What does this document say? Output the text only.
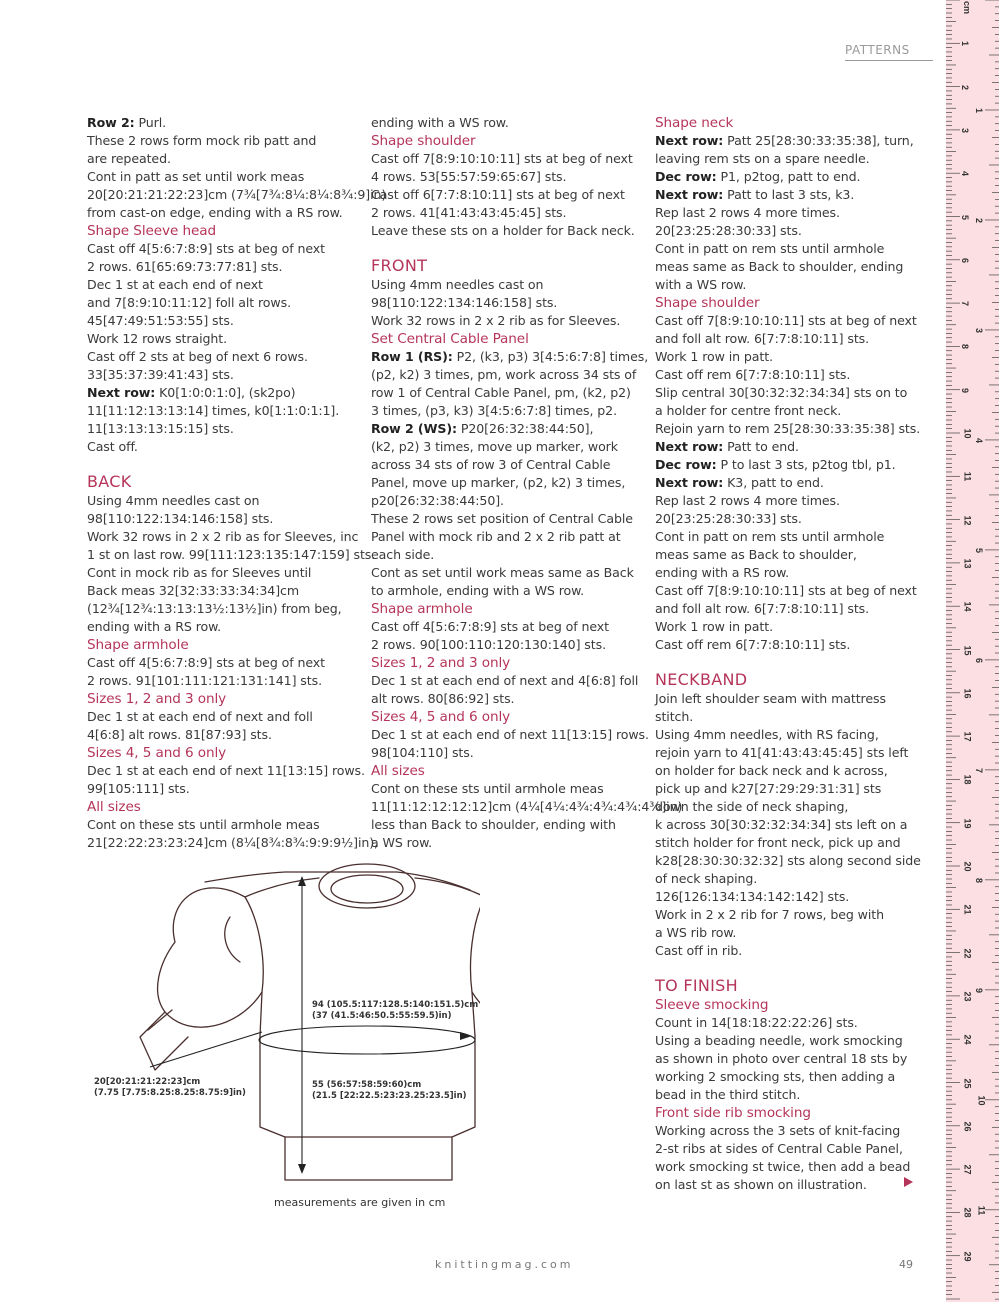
PATTERNS

Row 2: Purl.

These 2 rows form mock rib patt and

are repeated.

Cont in patt as set until work meas

20[20:21:21:22:23]cm (7¾[7¾:8¼:8¼:8¾:9]in)

from cast-on edge, ending with a RS row.

Shape Sleeve head

Cast off 4[5:6:7:8:9] sts at beg of next

2 rows. 61[65:69:73:77:81] sts.

Dec 1 st at each end of next

and 7[8:9:10:11:12] foll alt rows.

45[47:49:51:53:55] sts.

Work 12 rows straight.

Cast off 2 sts at beg of next 6 rows.

33[35:37:39:41:43] sts.

Next row: K0[1:0:0:1:0], (sk2po)

11[11:12:13:13:14] times, k0[1:1:0:1:1].

11[13:13:13:15:15] sts.

Cast off.

BACK

Using 4mm needles cast on

98[110:122:134:146:158] sts.

Work 32 rows in 2 x 2 rib as for Sleeves, inc

1 st on last row. 99[111:123:135:147:159] sts.

Cont in mock rib as for Sleeves until

Back meas 32[32:33:33:34:34]cm

(12¾[12¾:13:13:13½:13½]in) from beg,

ending with a RS row.

Shape armhole

Cast off 4[5:6:7:8:9] sts at beg of next

2 rows. 91[101:111:121:131:141] sts.

Sizes 1, 2 and 3 only

Dec 1 st at each end of next and foll

4[6:8] alt rows. 81[87:93] sts.

Sizes 4, 5 and 6 only

Dec 1 st at each end of next 11[13:15] rows.

99[105:111] sts.

All sizes

Cont on these sts until armhole meas

21[22:22:23:23:24]cm (8¼[8¾:8¾:9:9:9½]in),

ending with a WS row.

Shape shoulder

Cast off 7[8:9:10:10:11] sts at beg of next

4 rows. 53[55:57:59:65:67] sts.

Cast off 6[7:7:8:10:11] sts at beg of next

2 rows. 41[41:43:43:45:45] sts.

Leave these sts on a holder for Back neck.

FRONT

Using 4mm needles cast on

98[110:122:134:146:158] sts.

Work 32 rows in 2 x 2 rib as for Sleeves.

Set Central Cable Panel

Row 1 (RS): P2, (k3, p3) 3[4:5:6:7:8] times,

(p2, k2) 3 times, pm, work across 34 sts of

row 1 of Central Cable Panel, pm, (k2, p2)

3 times, (p3, k3) 3[4:5:6:7:8] times, p2.

Row 2 (WS): P20[26:32:38:44:50],

(k2, p2) 3 times, move up marker, work

across 34 sts of row 3 of Central Cable

Panel, move up marker, (p2, k2) 3 times,

p20[26:32:38:44:50].

These 2 rows set position of Central Cable

Panel with mock rib and 2 x 2 rib patt at

each side.

Cont as set until work meas same as Back

to armhole, ending with a WS row.

Shape armhole

Cast off 4[5:6:7:8:9] sts at beg of next

2 rows. 90[100:110:120:130:140] sts.

Sizes 1, 2 and 3 only

Dec 1 st at each end of next and 4[6:8] foll

alt rows. 80[86:92] sts.

Sizes 4, 5 and 6 only

Dec 1 st at each end of next 11[13:15] rows.

98[104:110] sts.

All sizes

Cont on these sts until armhole meas

11[11:12:12:12:12]cm (4¼[4¼:4¾:4¾:4¾:4¾]in)

less than Back to shoulder, ending with

a WS row.

Shape neck

Next row: Patt 25[28:30:33:35:38], turn,

leaving rem sts on a spare needle.

Dec row: P1, p2tog, patt to end.

Next row: Patt to last 3 sts, k3.

Rep last 2 rows 4 more times.

20[23:25:28:30:33] sts.

Cont in patt on rem sts until armhole

meas same as Back to shoulder, ending

with a WS row.

Shape shoulder

Cast off 7[8:9:10:10:11] sts at beg of next

and foll alt row. 6[7:7:8:10:11] sts.

Work 1 row in patt.

Cast off rem 6[7:7:8:10:11] sts.

Slip central 30[30:32:32:34:34] sts on to

a holder for centre front neck.

Rejoin yarn to rem 25[28:30:33:35:38] sts.

Next row: Patt to end.

Dec row: P to last 3 sts, p2tog tbl, p1.

Next row: K3, patt to end.

Rep last 2 rows 4 more times.

20[23:25:28:30:33] sts.

Cont in patt on rem sts until armhole

meas same as Back to shoulder,

ending with a RS row.

Cast off 7[8:9:10:10:11] sts at beg of next

and foll alt row. 6[7:7:8:10:11] sts.

Work 1 row in patt.

Cast off rem 6[7:7:8:10:11] sts.

NECKBAND

Join left shoulder seam with mattress

stitch.

Using 4mm needles, with RS facing,

rejoin yarn to 41[41:43:43:45:45] sts left

on holder for back neck and k across,

pick up and k27[27:29:29:31:31] sts

down the side of neck shaping,

k across 30[30:32:32:34:34] sts left on a

stitch holder for front neck, pick up and

k28[28:30:30:32:32] sts along second side

of neck shaping.

126[126:134:134:142:142] sts.

Work in 2 x 2 rib for 7 rows, beg with

a WS rib row.

Cast off in rib.

TO FINISH

Sleeve smocking

Count in 14[18:18:22:22:26] sts.

Using a beading needle, work smocking

as shown in photo over central 18 sts by

working 2 smocking sts, then adding a

bead in the third stitch.

Front side rib smocking

Working across the 3 sets of knit-facing

2-st ribs at sides of Central Cable Panel,

work smocking st twice, then add a bead

on last st as shown on illustration.

94 (105.5:117:128.5:140:151.5)cm
(37 (41.5:46:50.5:55:59.5)in)
55 (56:57:58:59:60)cm
(21.5 [22:22.5:23:23.25:23.5]in)
20[20:21:21:22:23]cm
(7.75 [7.75:8.25:8.25:8.75:9]in)
measurements are given in cm
knittingmag.com	49
cm
1
2
3
4
5
6
7
8
9
10
11
12
13
14
15
16
17
18
19
20
21
22
23
24
25
26
27
28
29
1
2
3
4
5
6
7
8
9
10
11
